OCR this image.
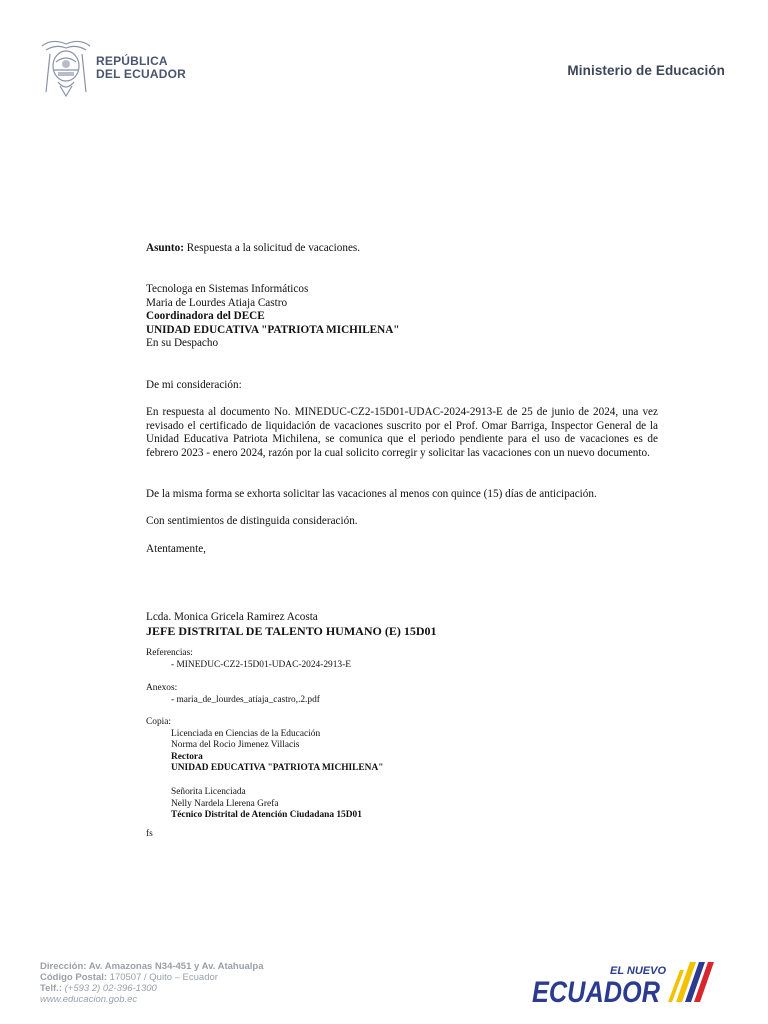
REPÚBLICA
DEL ECUADOR	Ministerio de Educación
Asunto: Respuesta a la solicitud de vacaciones.
Tecnologa en Sistemas Informáticos
Maria de Lourdes Atiaja Castro
Coordinadora del DECE
UNIDAD EDUCATIVA "PATRIOTA MICHILENA"
En su Despacho
De mi consideración:
En respuesta al documento No. MINEDUC-CZ2-15D01-UDAC-2024-2913-E de 25 de junio de 2024, una vez revisado el certificado de liquidación de vacaciones suscrito por el Prof. Omar Barriga, Inspector General de la Unidad Educativa Patriota Michilena, se comunica que el periodo pendiente para el uso de vacaciones es de febrero 2023 - enero 2024, razón por la cual solicito corregir y solicitar las vacaciones con un nuevo documento.
De la misma forma se exhorta solicitar las vacaciones al menos con quince (15) días de anticipación.
Con sentimientos de distinguida consideración.
Atentamente,
Lcda. Monica Gricela Ramirez Acosta
JEFE DISTRITAL DE TALENTO HUMANO (E) 15D01
Referencias:
- MINEDUC-CZ2-15D01-UDAC-2024-2913-E
Anexos:
- maria_de_lourdes_atiaja_castro,.2.pdf
Copia:
Licenciada en Ciencias de la Educación
Norma del Rocio Jimenez Villacis
Rectora
UNIDAD EDUCATIVA "PATRIOTA MICHILENA"
Señorita Licenciada
Nelly Nardela Llerena Grefa
Técnico Distrital de Atención Ciudadana 15D01
fs
Dirección: Av. Amazonas N34-451 y Av. Atahualpa
Código Postal: 170507 / Quito – Ecuador
Telf.: (+593 2) 02-396-1300
www.educacion.gob.ec
EL NUEVO
ECUADOR
